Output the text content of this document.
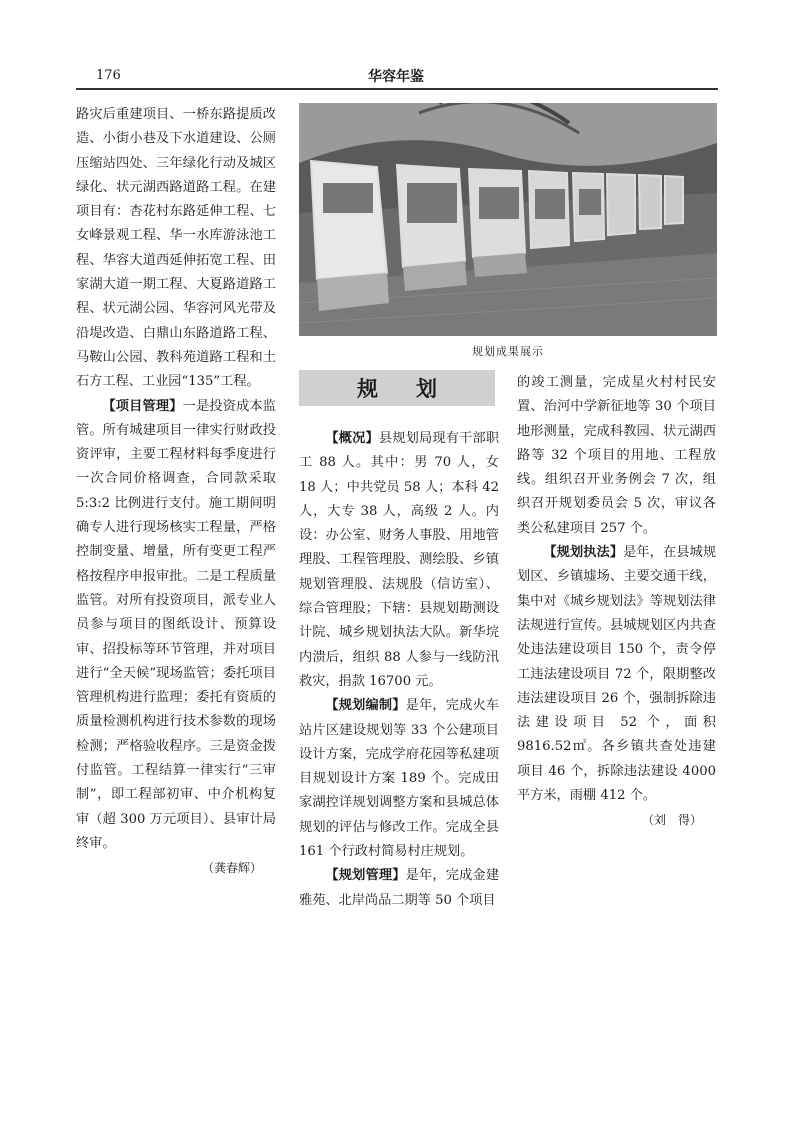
176	华容年鉴

路灾后重建项目、一桥东路提质改造、小街小巷及下水道建设、公厕压缩站四处、三年绿化行动及城区绿化、状元湖西路道路工程。在建项目有：杏花村东路延伸工程、七女峰景观工程、华一水库游泳池工程、华容大道西延伸拓宽工程、田家湖大道一期工程、大夏路道路工程、状元湖公园、华容河风光带及沿堤改造、白鼎山东路道路工程、马鞍山公园、教科苑道路工程和土石方工程、工业园“135”工程。

【项目管理】一是投资成本监管。所有城建项目一律实行财政投资评审，主要工程材料每季度进行一次合同价格调查，合同款采取 5:3:2 比例进行支付。施工期间明确专人进行现场核实工程量，严格控制变量、增量，所有变更工程严格按程序申报审批。二是工程质量监管。对所有投资项目，派专业人员参与项目的图纸设计、预算设审、招投标等环节管理，并对项目进行“全天候”现场监管；委托项目管理机构进行监理；委托有资质的质量检测机构进行技术参数的现场检测；严格验收程序。三是资金拨付监管。工程结算一律实行“三审制”，即工程部初审、中介机构复审（超 300 万元项目）、县审计局终审。

（龚春辉）

规划成果展示
规划

【概况】县规划局现有干部职工 88 人。其中：男 70 人，女 18 人；中共党员 58 人；本科 42 人，大专 38 人，高级 2 人。内设：办公室、财务人事股、用地管理股、工程管理股、测绘股、乡镇规划管理股、法规股（信访室）、综合管理股；下辖：县规划勘测设计院、城乡规划执法大队。新华垸内溃后，组织 88 人参与一线防汛救灾，捐款 16700 元。

【规划编制】是年，完成火车站片区建设规划等 33 个公建项目设计方案，完成学府花园等私建项目规划设计方案 189 个。完成田家湖控详规划调整方案和县城总体规划的评估与修改工作。完成全县 161 个行政村简易村庄规划。

【规划管理】是年，完成金建雅苑、北岸尚品二期等 50 个项目

的竣工测量，完成星火村村民安置、治河中学新征地等 30 个项目地形测量，完成科教园、状元湖西路等 32 个项目的用地、工程放线。组织召开业务例会 7 次，组织召开规划委员会 5 次，审议各类公私建项目 257 个。

【规划执法】是年，在县城规划区、乡镇墟场、主要交通干线，集中对《城乡规划法》等规划法律法规进行宣传。县城规划区内共查处违法建设项目 150 个，责令停工违法建设项目 72 个，限期整改违法建设项目 26 个，强制拆除违法建设项目 52 个，面积 9816.52㎡。各乡镇共查处违建项目 46 个，拆除违法建设 4000 平方米，雨棚 412 个。

（刘　得）
